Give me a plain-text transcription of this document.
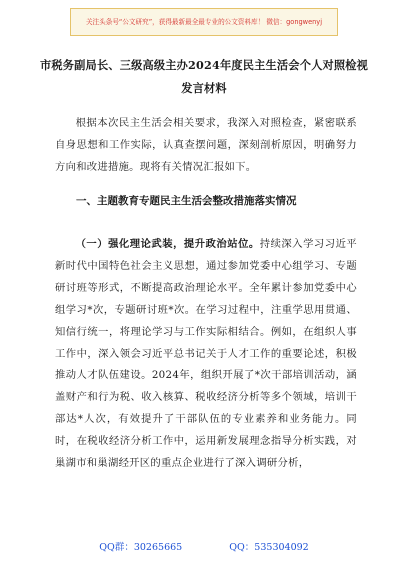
关注头条号“公文研究”，获得最新最全最专业的公文资料库！ 微信：gongwenyj
市税务副局长、三级高级主办2024年度民主生活会个人对照检视发言材料
根据本次民主生活会相关要求，我深入对照检查，紧密联系自身思想和工作实际，认真查摆问题，深刻剖析原因，明确努力方向和改进措施。现将有关情况汇报如下。
一、主题教育专题民主生活会整改措施落实情况
（一）强化理论武装，提升政治站位。持续深入学习习近平新时代中国特色社会主义思想，通过参加党委中心组学习、专题研讨班等形式，不断提高政治理论水平。全年累计参加党委中心组学习*次，专题研讨班*次。在学习过程中，注重学思用贯通、知信行统一，将理论学习与工作实际相结合。例如，在组织人事工作中，深入领会习近平总书记关于人才工作的重要论述，积极推动人才队伍建设。2024年，组织开展了*次干部培训活动，涵盖财产和行为税、收入核算、税收经济分析等多个领域，培训干部达*人次，有效提升了干部队伍的专业素养和业务能力。同时，在税收经济分析工作中，运用新发展理念指导分析实践，对巢湖市和巢湖经开区的重点企业进行了深入调研分析，
QQ群：30265665	QQ：535304092
